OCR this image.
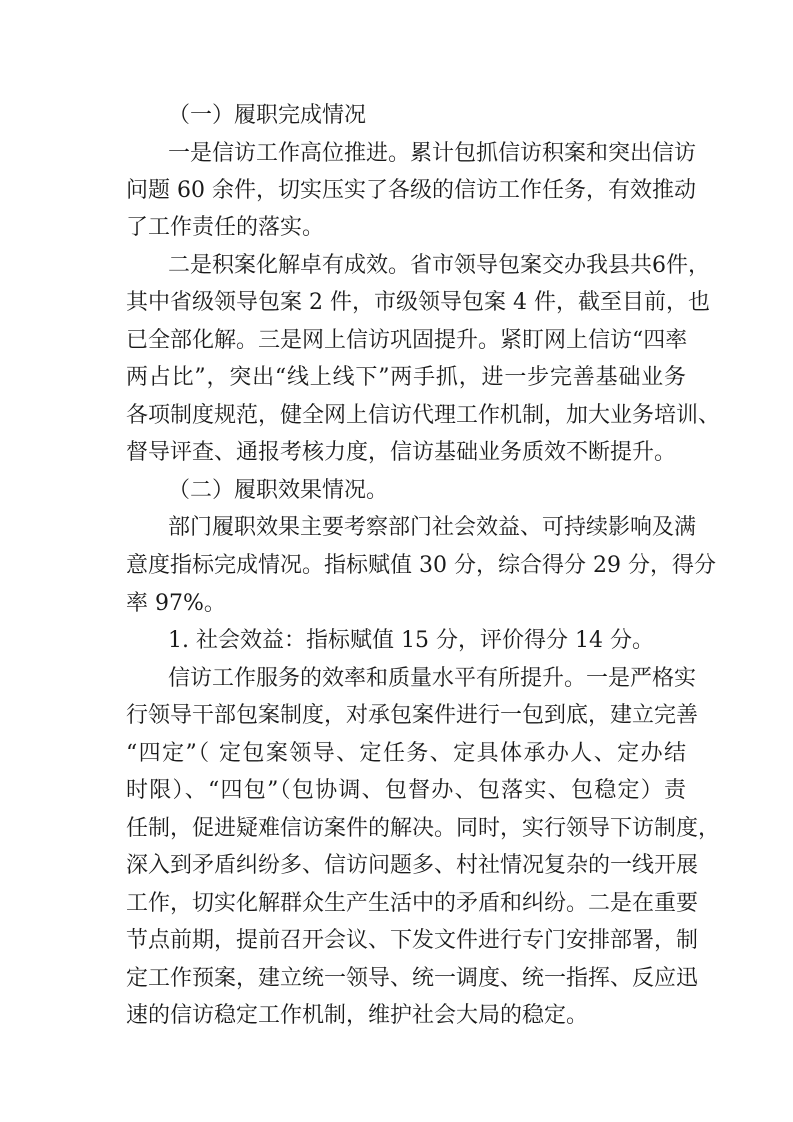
（一）履职完成情况
一是信访工作高位推进。累计包抓信访积案和突出信访
问题 60 余件，切实压实了各级的信访工作任务，有效推动
了工作责任的落实。
二是积案化解卓有成效。省市领导包案交办我县共6件，
其中省级领导包案 2 件，市级领导包案 4 件，截至目前，也
已全部化解。三是网上信访巩固提升。紧盯网上信访“四率
两占比”，突出“线上线下”两手抓，进一步完善基础业务
各项制度规范，健全网上信访代理工作机制，加大业务培训、
督导评查、通报考核力度，信访基础业务质效不断提升。
（二）履职效果情况。
部门履职效果主要考察部门社会效益、可持续影响及满
意度指标完成情况。指标赋值 30 分，综合得分 29 分，得分
率 97%。
1. 社会效益：指标赋值 15 分，评价得分 14 分。
信访工作服务的效率和质量水平有所提升。一是严格实
行领导干部包案制度，对承包案件进行一包到底，建立完善
“四定”（ 定包案领导、定任务、定具体承办人、定办结
时限）、“四包”（包协调、包督办、包落实、包稳定）责
任制，促进疑难信访案件的解决。同时，实行领导下访制度，
深入到矛盾纠纷多、信访问题多、村社情况复杂的一线开展
工作，切实化解群众生产生活中的矛盾和纠纷。二是在重要
节点前期，提前召开会议、下发文件进行专门安排部署，制
定工作预案，建立统一领导、统一调度、统一指挥、反应迅
速的信访稳定工作机制，维护社会大局的稳定。
